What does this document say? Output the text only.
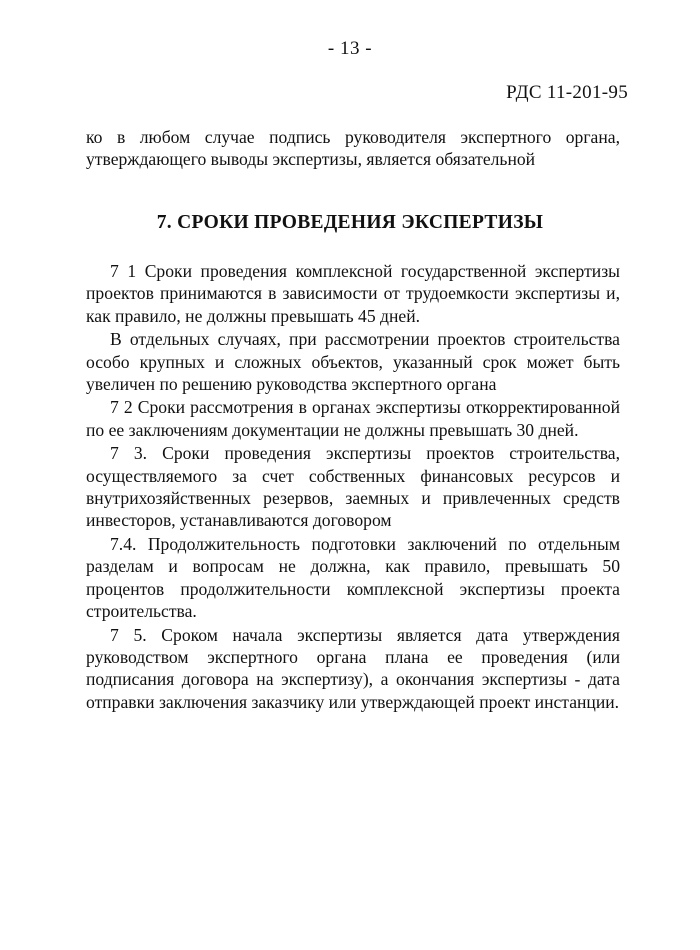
- 13 -
РДС 11-201-95
ко в любом случае подпись руководителя экспертного органа, утверждающего выводы экспертизы, является обязательной
7. СРОКИ ПРОВЕДЕНИЯ ЭКСПЕРТИЗЫ

7 1 Сроки проведения комплексной государственной экспертизы проектов принимаются в зависимости от трудоемкости экспертизы и, как правило, не должны превышать 45 дней.

В отдельных случаях, при рассмотрении проектов строительства особо крупных и сложных объектов, указанный срок может быть увеличен по решению руководства экспертного органа

7 2 Сроки рассмотрения в органах экспертизы откорректированной по ее заключениям документации не должны превышать 30 дней.

7 3. Сроки проведения экспертизы проектов строительства, осуществляемого за счет собственных финансовых ресурсов и внутрихозяйственных резервов, заемных и привлеченных средств инвесторов, устанавливаются договором

7.4. Продолжительность подготовки заключений по отдельным разделам и вопросам не должна, как правило, превышать 50 процентов продолжительности комплексной экспертизы проекта строительства.

7 5. Сроком начала экспертизы является дата утверждения руководством экспертного органа плана ее проведения (или подписания договора на экспертизу), а окончания экспертизы - дата отправки заключения заказчику или утверждающей проект инстанции.
